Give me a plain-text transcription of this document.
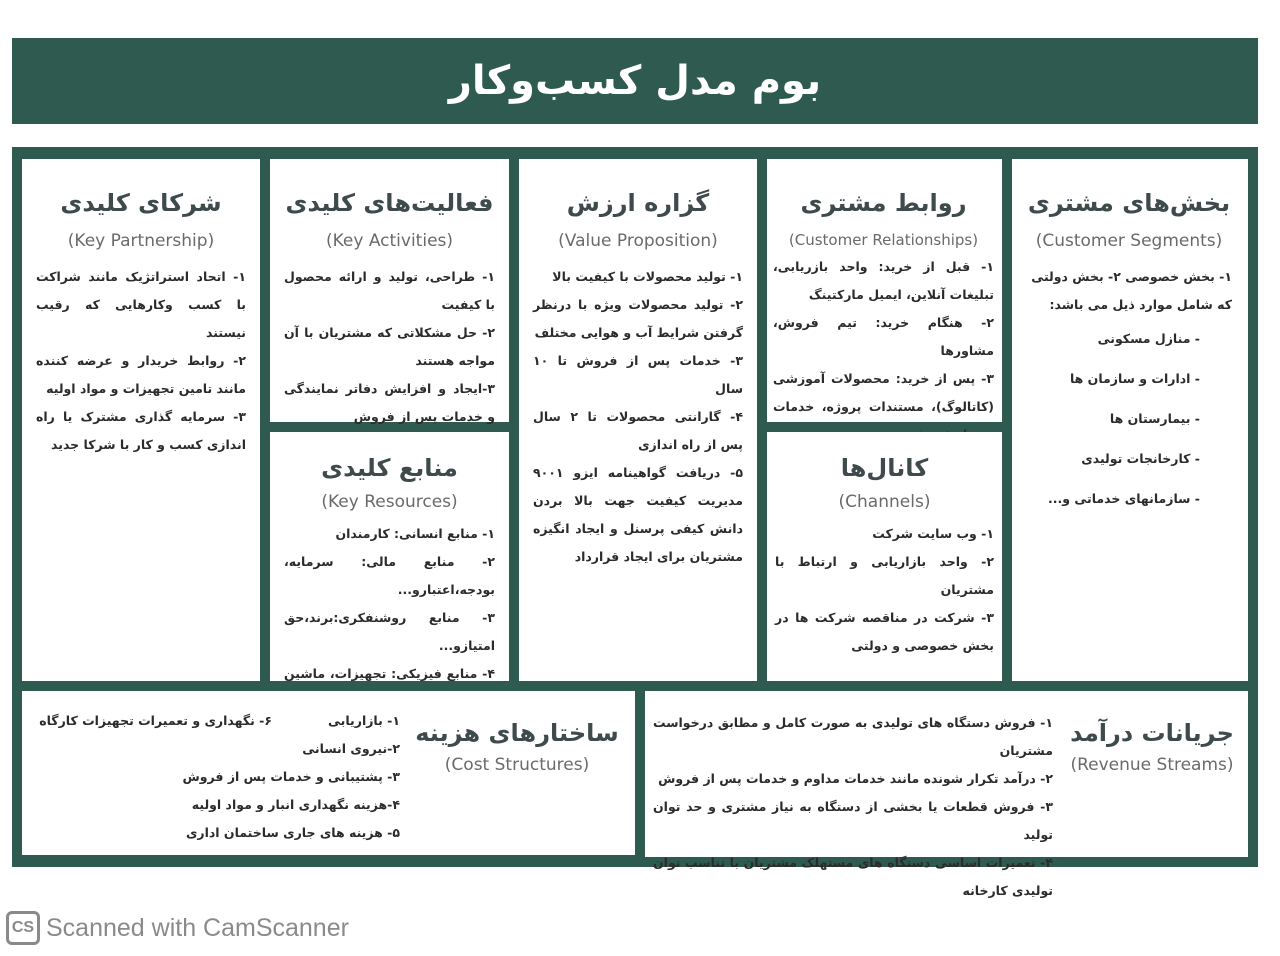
بوم مدل کسب‌وکار
شرکای کلیدی
(Key Partnership)
۱- اتحاد استراتژیک مانند شراکت با کسب وکارهایی که رقیب نیستند
۲- روابط خریدار و عرضه کننده مانند تامین تجهیزات و مواد اولیه
۳- سرمایه گذاری مشترک یا راه اندازی کسب و کار با شرکا جدید
فعالیت‌های کلیدی
(Key Activities)
۱- طراحی، تولید و ارائه محصول با کیفیت
۲- حل مشکلاتی که مشتریان با آن مواجه هستند
۳-ایجاد و افزایش دفاتر نمایندگی و خدمات پس از فروش
منابع کلیدی
(Key Resources)
۱- منابع انسانی: کارمندان
۲- منابع مالی: سرمایه، بودجه،اعتبارو...
۳- منابع روشنفکری:برند،حق امتیازو...
۴- منابع فیزیکی: تجهیزات، ماشین
گزاره ارزش
(Value Proposition)
۱- تولید محصولات با کیفیت بالا
۲- تولید محصولات ویژه با درنظر گرفتن شرایط آب و هوایی مختلف
۳- خدمات پس از فروش تا ۱۰ سال
۴- گارانتی محصولات تا ۲ سال پس از راه اندازی
۵- دریافت گواهینامه ایزو ۹۰۰۱ مدیریت کیفیت جهت بالا بردن دانش کیفی پرسنل و ایجاد انگیزه مشتریان برای ایجاد قرارداد
روابط مشتری
(Customer Relationships)
۱- قبل از خرید: واحد بازریابی، تبلیغات آنلاین، ایمیل مارکتینگ
۲- هنگام خرید: تیم فروش، مشاورها
۳- پس از خرید: محصولات آموزشی (کاتالوگ)، مستندات پروژه، خدمات
کانال‌ها
(Channels)
۱- وب سایت شرکت
۲- واحد بازاریابی و ارتباط با مشتریان
۳- شرکت در مناقصه شرکت ها در بخش خصوصی و دولتی
بخش‌های مشتری
(Customer Segments)
۱- بخش خصوصی ۲- بخش دولتی که شامل موارد ذیل می باشد:
- منازل مسکونی
- ادارات و سازمان ها
- بیمارستان ها
- کارخانجات تولیدی
- سازمانهای خدماتی و...
ساختارهای هزینه
(Cost Structures)
۱- بازاریابی
۲-نیروی انسانی
۳- پشتیبانی و خدمات پس از فروش
۴-هزینه نگهداری انبار و مواد اولیه
۵- هزینه های جاری ساختمان اداری
۶- نگهداری و تعمیرات تجهیزات کارگاه	جریانات درآمد
(Revenue Streams)
۱- فروش دستگاه های تولیدی به صورت کامل و مطابق درخواست مشتریان
۲- درآمد تکرار شونده مانند خدمات مداوم و خدمات پس از فروش
۳- فروش قطعات یا بخشی از دستگاه به نیاز مشتری و حد توان تولید
۴- تعمیرات اساسی دستگاه های مستهلک مشتریان با تناسب توان تولیدی کارخانه
CS Scanned with CamScanner
